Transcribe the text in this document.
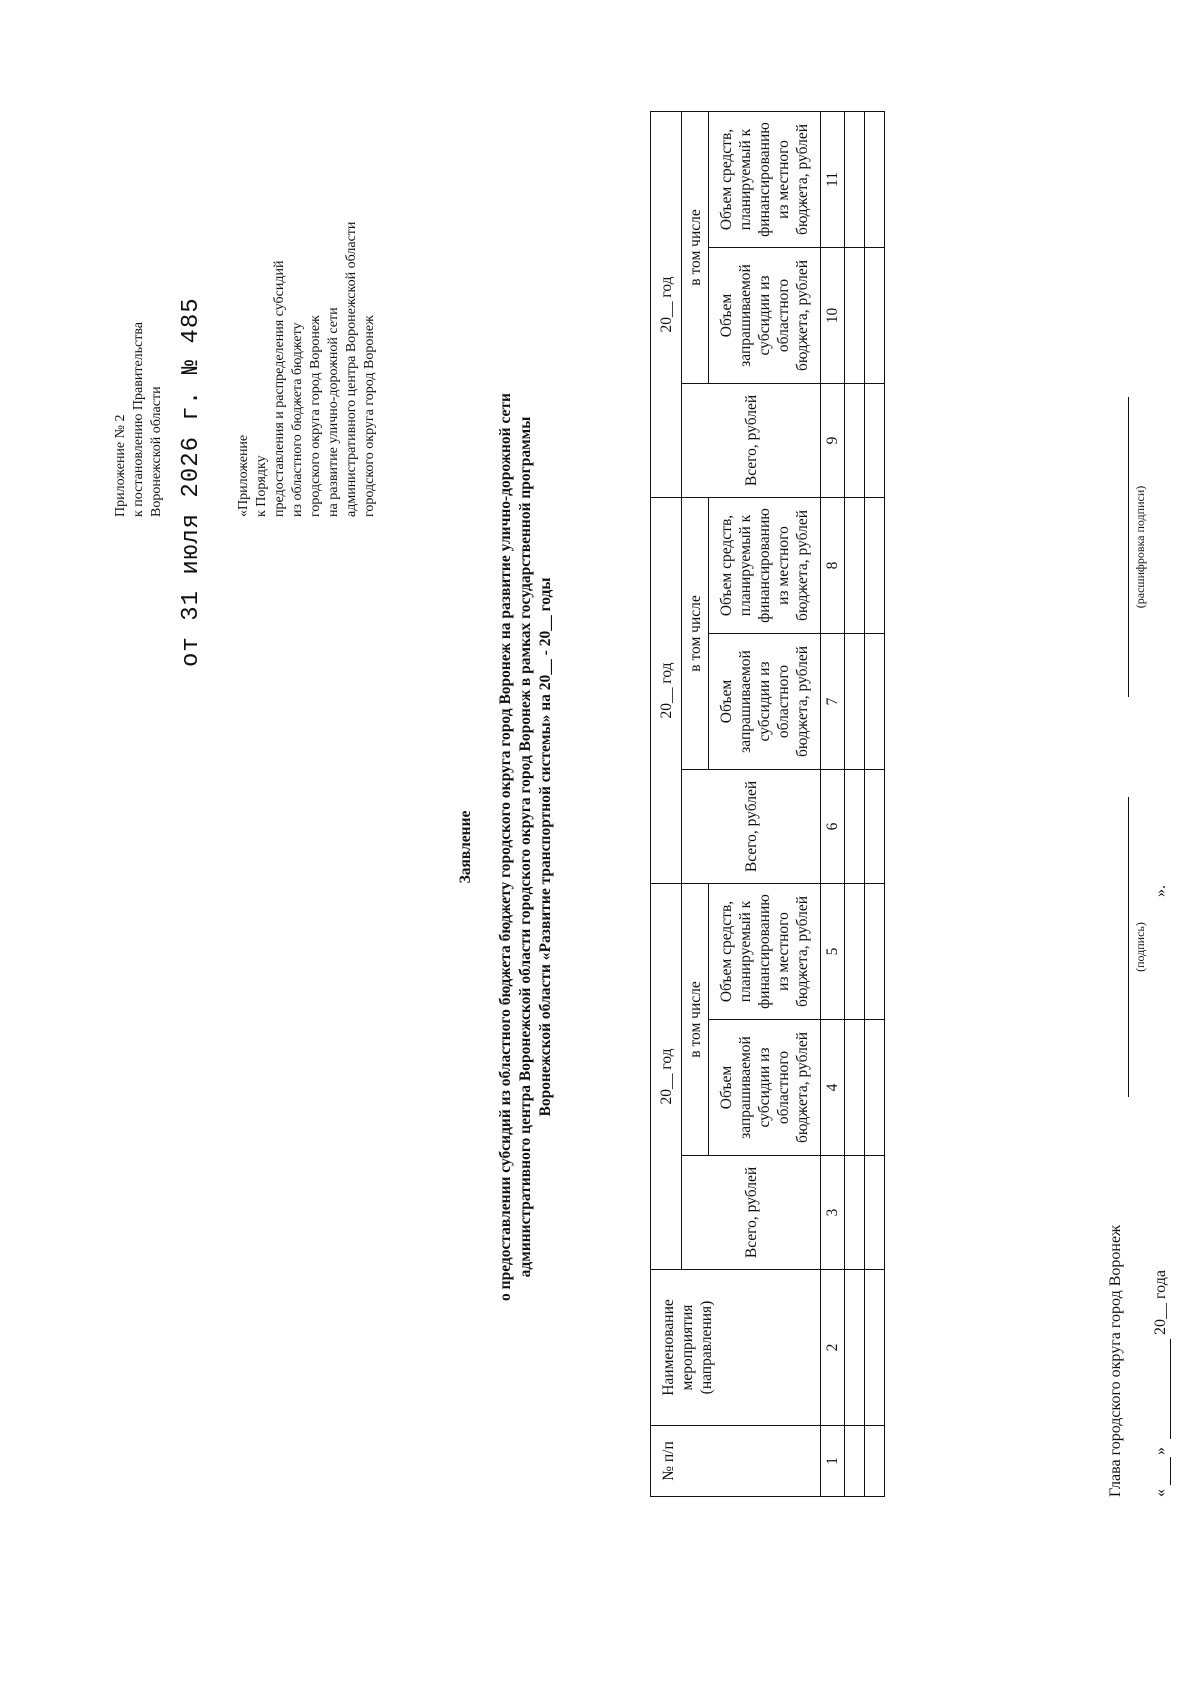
Приложение № 2 к постановлению Правительства Воронежской области от 31 июля 2026 г. № 485 «Приложение к Порядку предоставления и распределения субсидий из областного бюджета бюджету городского округа город Воронеж на развитие улично-дорожной сети административного центра Воронежской области городского округа город Воронеж
Заявление о предоставлении субсидий из областного бюджета бюджету городского округа город Воронеж на развитие улично-дорожной сети административного центра Воронежской области городского округа город Воронеж в рамках государственной программы Воронежской области «Развитие транспортной системы» на 20__ - 20__ годы
№ п/п	Наименование мероприятия (направления)	20__ год			20__ год			20__ год		
		Всего, рублей	в том числе		Всего, рублей	в том числе		Всего, рублей	в том числе	
			Объем запрашиваемой субсидии из областного бюджета, рублей	Объем средств, планируемый к финансированию из местного бюджета, рублей		Объем запрашиваемой субсидии из областного бюджета, рублей	Объем средств, планируемый к финансированию из местного бюджета, рублей		Объем запрашиваемой субсидии из областного бюджета, рублей	Объем средств, планируемый к финансированию из местного бюджета, рублей
1	2	3	4	5	6	7	8	9	10	11

Глава городского округа город Воронеж
(подпись)
(расшифровка подписи)
«
»
20__ года
».
